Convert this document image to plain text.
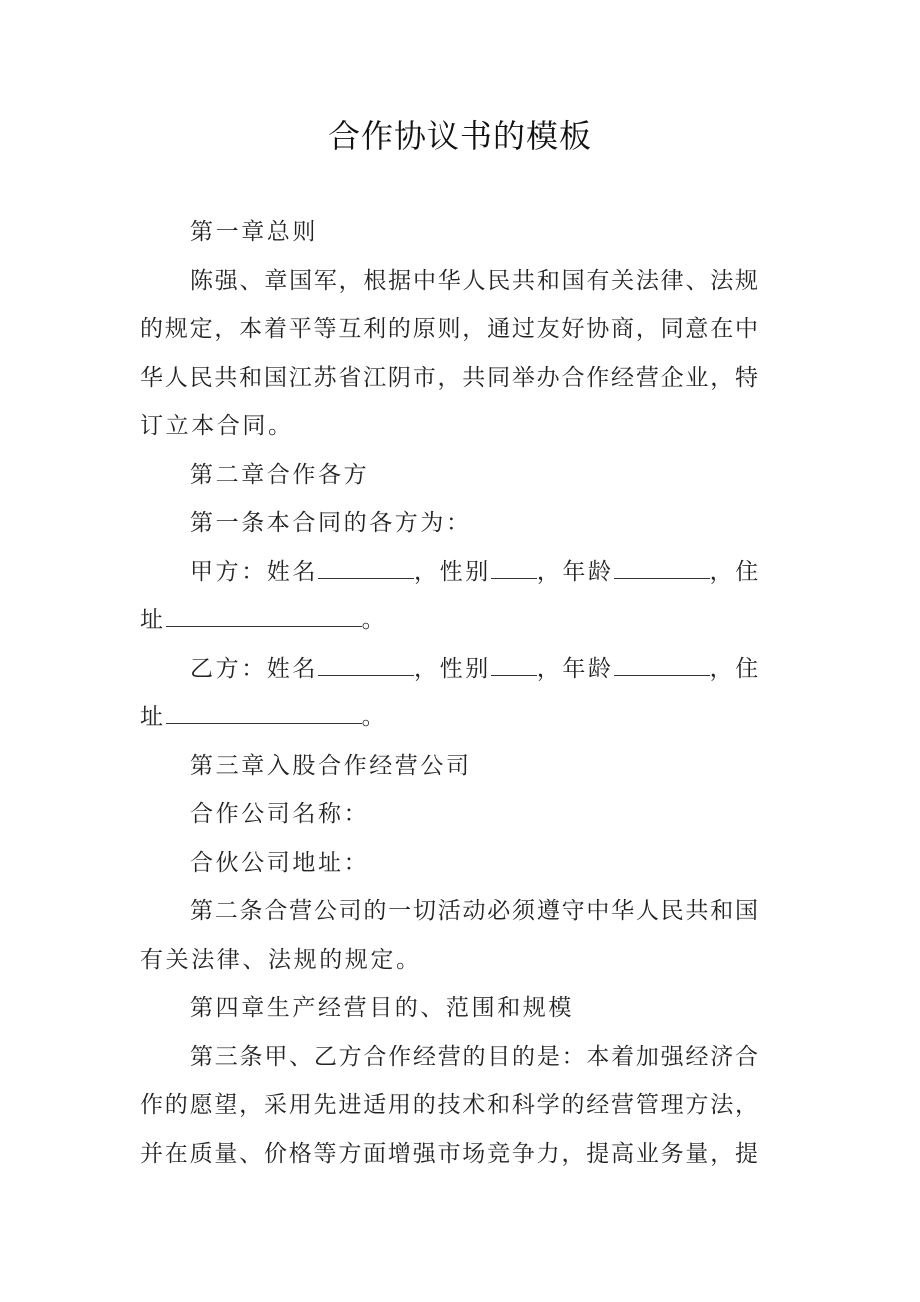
合作协议书的模板
第一章总则
陈强、章国军，根据中华人民共和国有关法律、法规
的规定，本着平等互利的原则，通过友好协商，同意在中
华人民共和国江苏省江阴市，共同举办合作经营企业，特
订立本合同。
第二章合作各方
第一条本合同的各方为：
甲方：姓名	，性别 ，年龄	，住
址	。
乙方：姓名	，性别 ，年龄	，住
址	。
第三章入股合作经营公司
合作公司名称：
合伙公司地址：
第二条合营公司的一切活动必须遵守中华人民共和国
有关法律、法规的规定。
第四章生产经营目的、范围和规模
第三条甲、乙方合作经营的目的是：本着加强经济合
作的愿望，采用先进适用的技术和科学的经营管理方法，
并在质量、价格等方面增强市场竞争力，提高业务量，提
